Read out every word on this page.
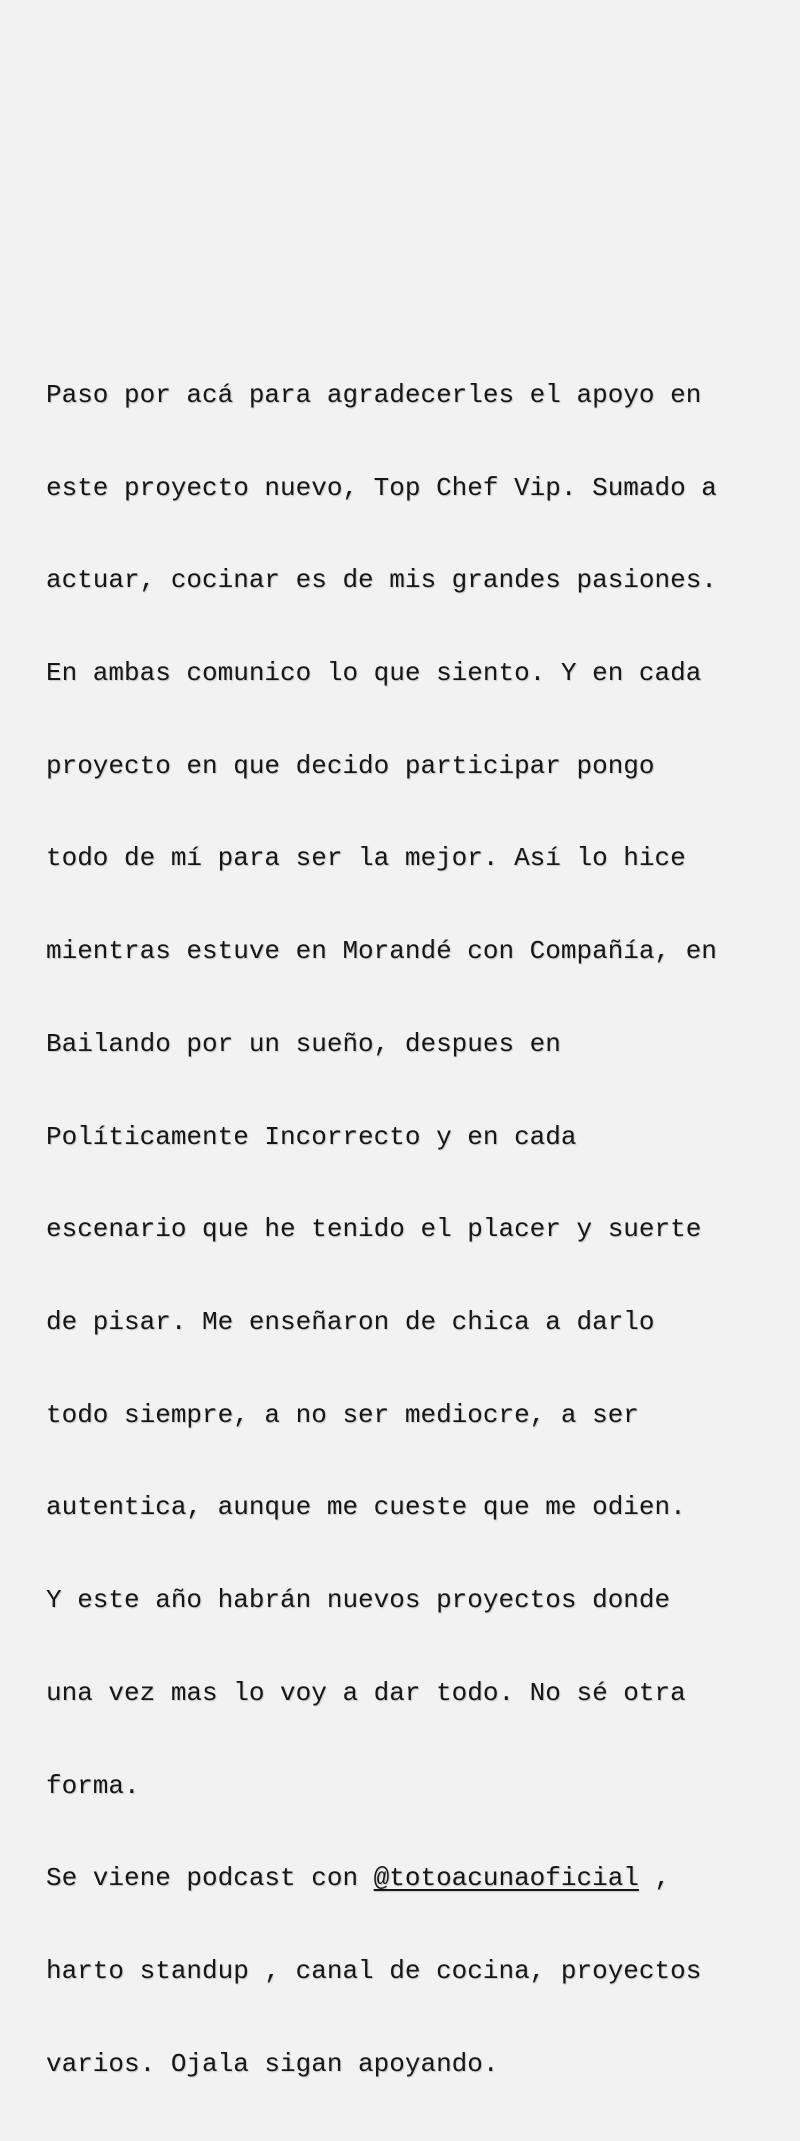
Paso por acá para agradecerles el apoyo en

este proyecto nuevo, Top Chef Vip. Sumado a

actuar, cocinar es de mis grandes pasiones.

En ambas comunico lo que siento. Y en cada

proyecto en que decido participar pongo

todo de mí para ser la mejor. Así lo hice

mientras estuve en Morandé con Compañía, en

Bailando por un sueño, despues en

Políticamente Incorrecto y en cada

escenario que he tenido el placer y suerte

de pisar. Me enseñaron de chica a darlo

todo siempre, a no ser mediocre, a ser

autentica, aunque me cueste que me odien.

Y este año habrán nuevos proyectos donde

una vez mas lo voy a dar todo. No sé otra

forma.

Se viene podcast con @totoacunaoficial ,

harto standup , canal de cocina, proyectos

varios. Ojala sigan apoyando.
